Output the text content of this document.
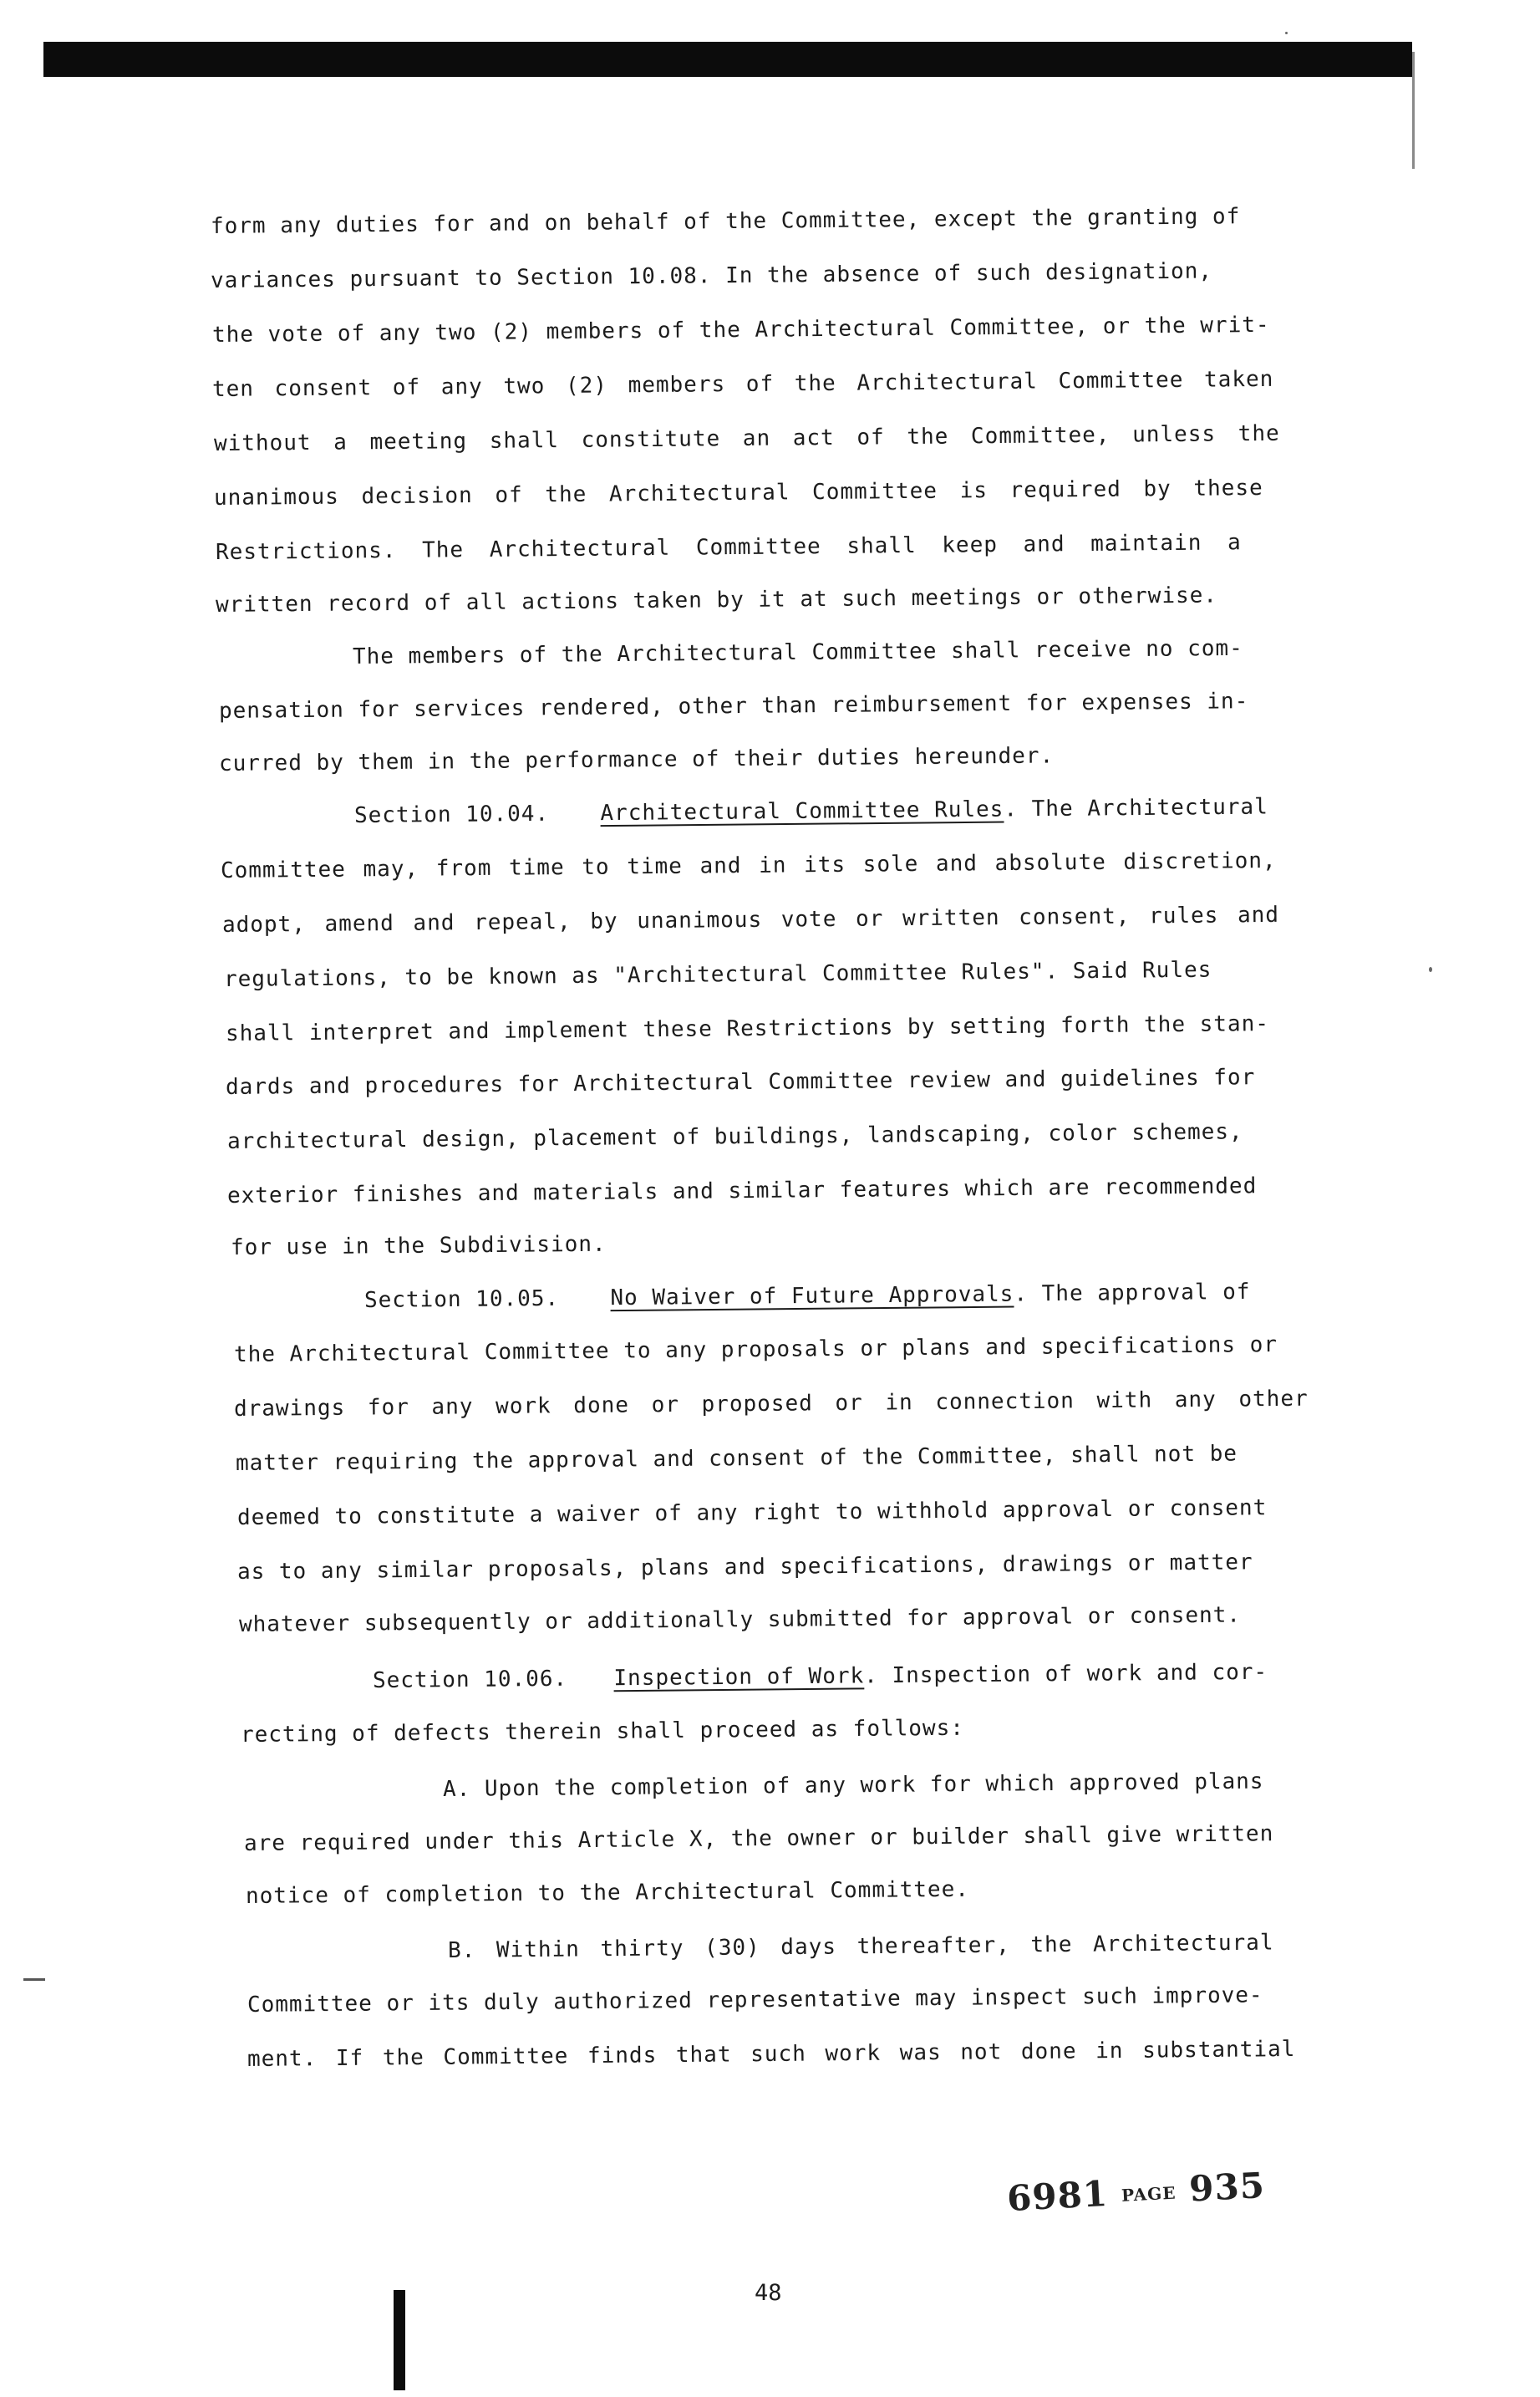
form any duties for and on behalf of the Committee, except the granting of
variances pursuant to Section 10.08. In the absence of such designation,
the vote of any two (2) members of the Architectural Committee, or the writ-
ten consent of any two (2) members of the Architectural Committee taken
without a meeting shall constitute an act of the Committee, unless the
unanimous decision of the Architectural Committee is required by these
Restrictions. The Architectural Committee shall keep and maintain a
written record of all actions taken by it at such meetings or otherwise.
The members of the Architectural Committee shall receive no com-
pensation for services rendered, other than reimbursement for expenses in-
curred by them in the performance of their duties hereunder.
Section 10.04. Architectural Committee Rules. The Architectural
Committee may, from time to time and in its sole and absolute discretion,
adopt, amend and repeal, by unanimous vote or written consent, rules and
regulations, to be known as "Architectural Committee Rules". Said Rules
shall interpret and implement these Restrictions by setting forth the stan-
dards and procedures for Architectural Committee review and guidelines for
architectural design, placement of buildings, landscaping, color schemes,
exterior finishes and materials and similar features which are recommended
for use in the Subdivision.
Section 10.05. No Waiver of Future Approvals. The approval of
the Architectural Committee to any proposals or plans and specifications or
drawings for any work done or proposed or in connection with any other
matter requiring the approval and consent of the Committee, shall not be
deemed to constitute a waiver of any right to withhold approval or consent
as to any similar proposals, plans and specifications, drawings or matter
whatever subsequently or additionally submitted for approval or consent.
Section 10.06. Inspection of Work. Inspection of work and cor-
recting of defects therein shall proceed as follows:
A. Upon the completion of any work for which approved plans
are required under this Article X, the owner or builder shall give written
notice of completion to the Architectural Committee.
B. Within thirty (30) days thereafter, the Architectural
Committee or its duly authorized representative may inspect such improve-
ment. If the Committee finds that such work was not done in substantial
6981 PAGE 935
48
